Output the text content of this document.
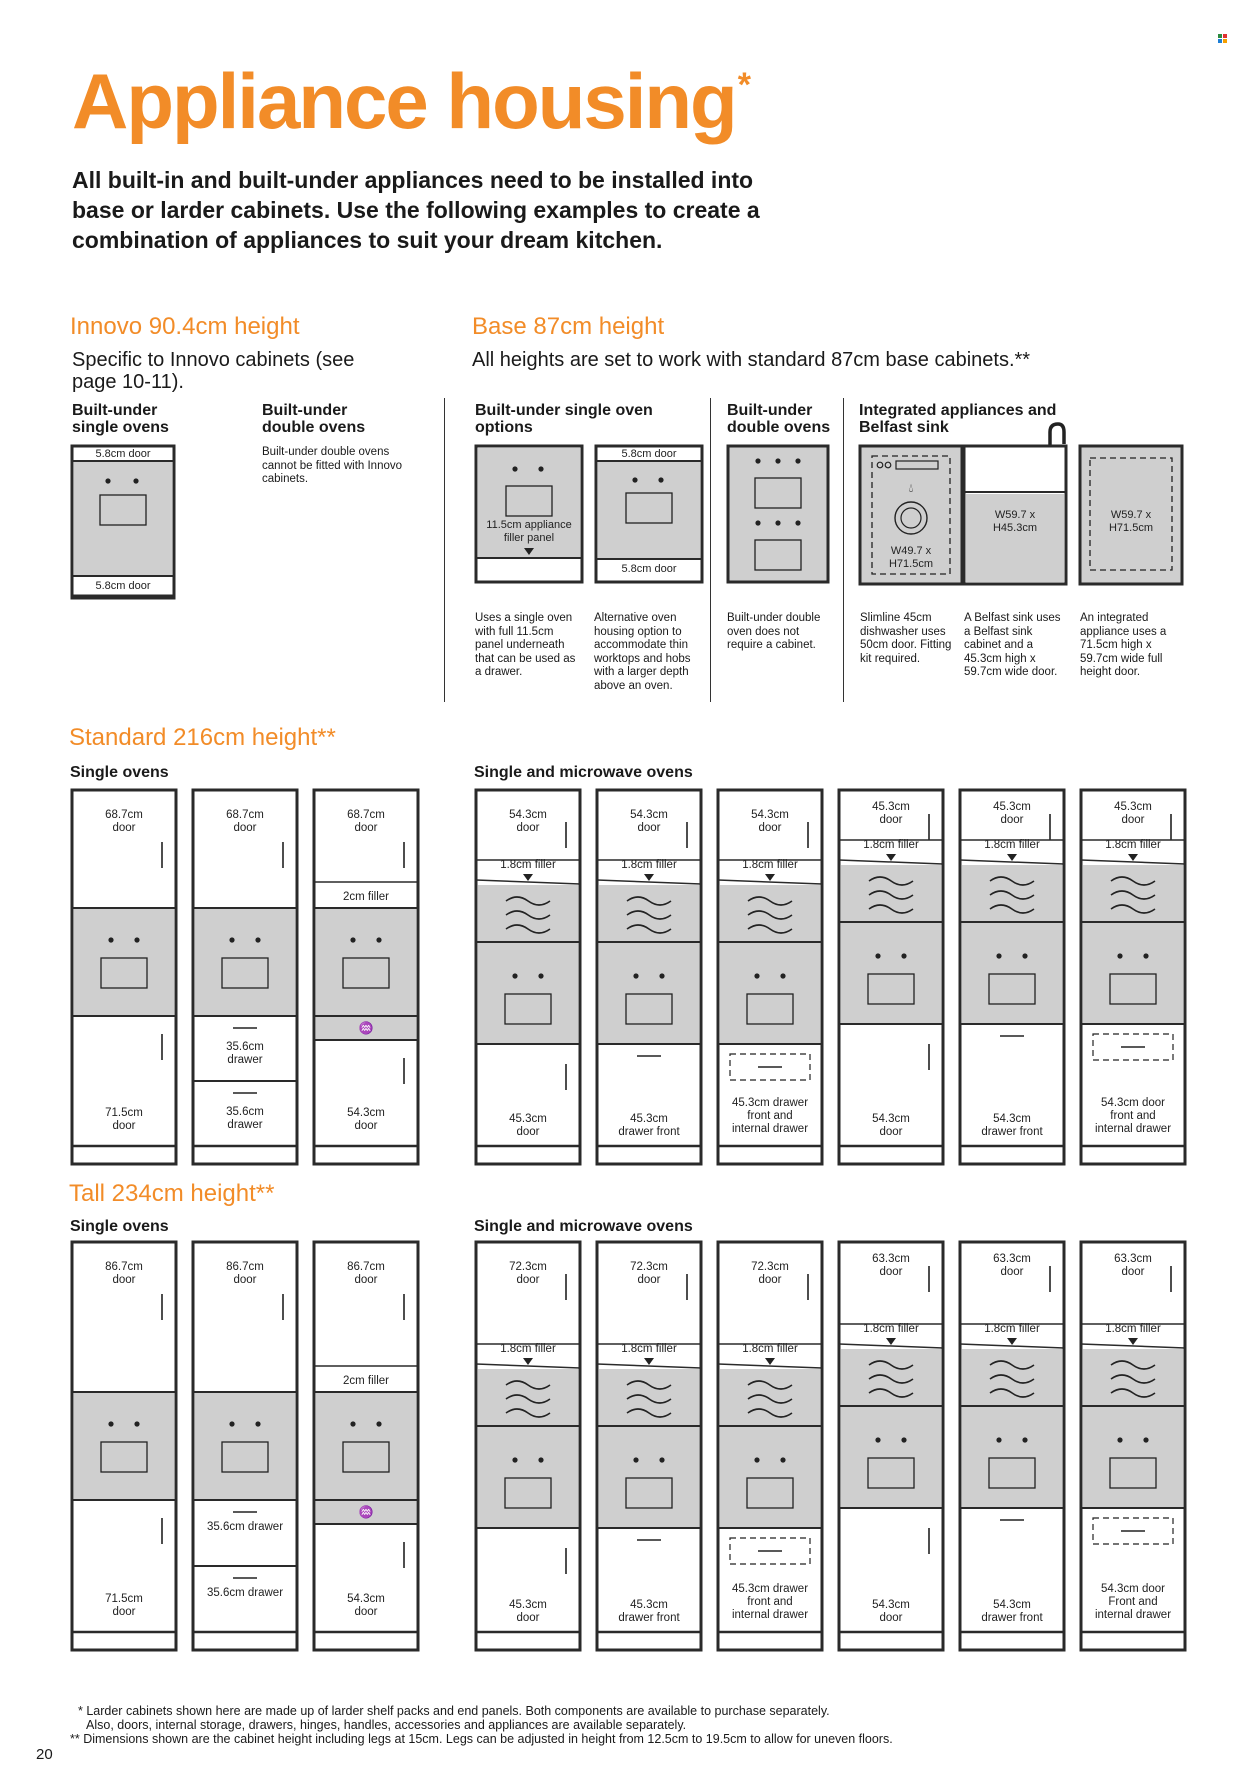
Appliance housing*
All built-in and built-under appliances need to be installed into base or larder cabinets. Use the following examples to create a combination of appliances to suit your dream kitchen.
Innovo 90.4cm height
Specific to Innovo cabinets (see page 10-11).
Base 87cm height
All heights are set to work with standard 87cm base cabinets.**
Built-under single ovens
Built-under double ovens
Built-under double ovens cannot be fitted with Innovo cabinets.
Built-under single oven options
Built-under double ovens
Integrated appliances and Belfast sink
5.8cm door
5.8cm door
11.5cm appliance
filler panel
5.8cm door
5.8cm door
💧︎
W49.7 x
H71.5cm
W59.7 x
H45.3cm
W59.7 x
H71.5cm
Uses a single oven with full 11.5cm panel underneath that can be used as a drawer.
Alternative oven housing option to accommodate thin worktops and hobs with a larger depth above an oven.
Built-under double oven does not require a cabinet.
Slimline 45cm dishwasher uses 50cm door. Fitting kit required.
A Belfast sink uses a Belfast sink cabinet and a 45.3cm high x 59.7cm wide door.
An integrated appliance uses a 71.5cm high x 59.7cm wide full height door.
Standard 216cm height**
Single ovens	Single and microwave ovens
68.7cm
door
71.5cm
door
68.7cm
door
35.6cm
drawer
35.6cm
drawer
68.7cm
door
2cm filler
♒
54.3cm
door
54.3cm
door
1.8cm filler
45.3cm
door
54.3cm
door
1.8cm filler
45.3cm
drawer front
54.3cm
door
1.8cm filler
45.3cm drawer
front and
internal drawer
45.3cm
door
1.8cm filler
54.3cm
door
45.3cm
door
1.8cm filler
54.3cm
drawer front
45.3cm
door
1.8cm filler
54.3cm door
front and
internal drawer
Tall 234cm height**
Single ovens	Single and microwave ovens
86.7cm
door
71.5cm
door
86.7cm
door
35.6cm drawer
35.6cm drawer
86.7cm
door
2cm filler
♒
54.3cm
door
72.3cm
door
1.8cm filler
45.3cm
door
72.3cm
door
1.8cm filler
45.3cm
drawer front
72.3cm
door
1.8cm filler
45.3cm drawer
front and
internal drawer
63.3cm
door
1.8cm filler
54.3cm
door
63.3cm
door
1.8cm filler
54.3cm
drawer front
63.3cm
door
1.8cm filler
54.3cm door
Front and
internal drawer
20
* Larder cabinets shown here are made up of larder shelf packs and end panels. Both components are available to purchase separately.
Also, doors, internal storage, drawers, hinges, handles, accessories and appliances are available separately.
** Dimensions shown are the cabinet height including legs at 15cm. Legs can be adjusted in height from 12.5cm to 19.5cm to allow for uneven floors.
